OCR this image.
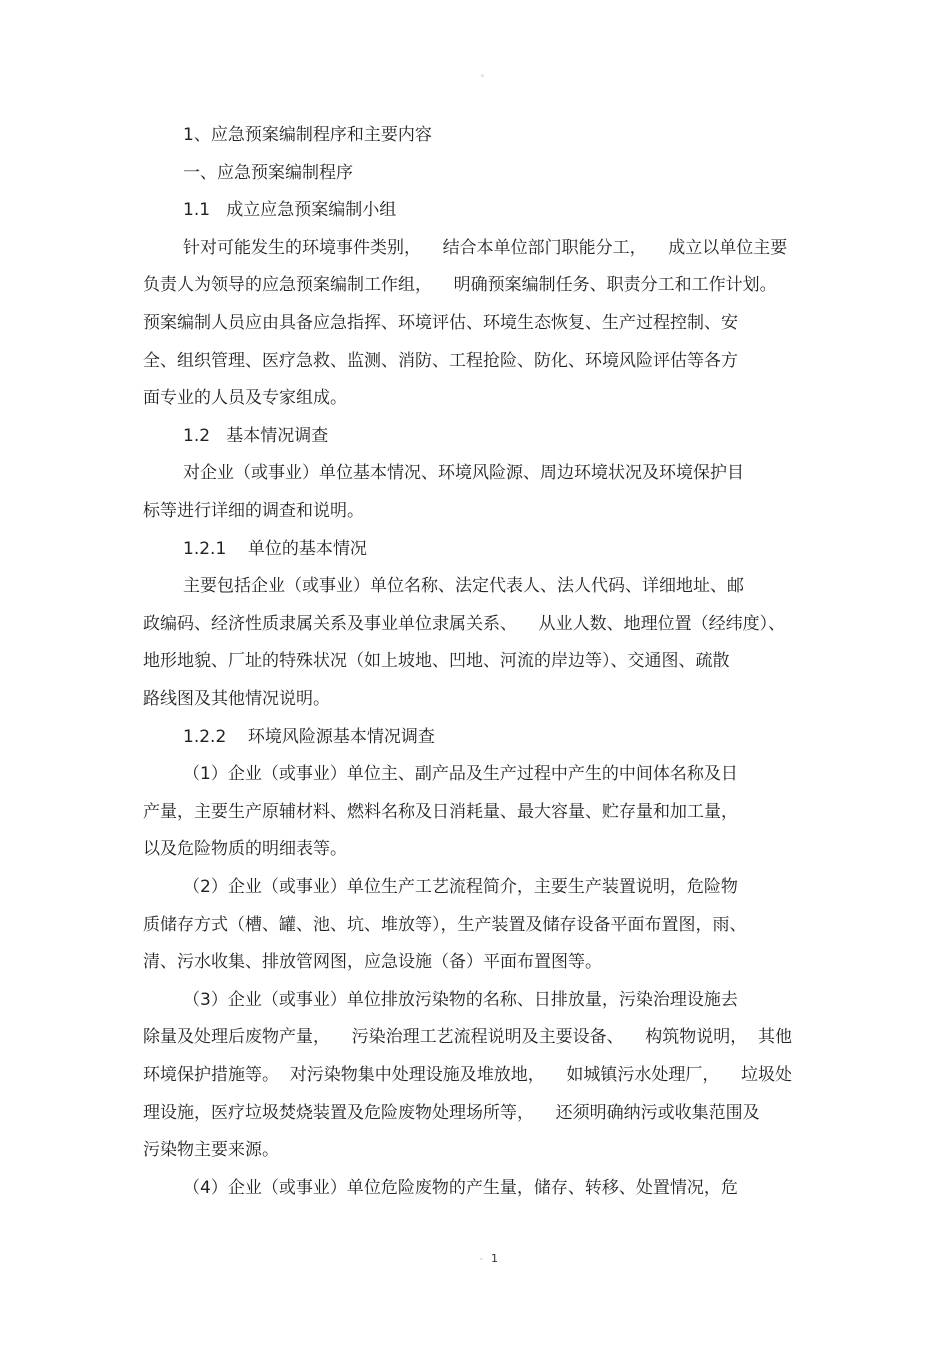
。
1、应急预案编制程序和主要内容
一、应急预案编制程序
1.1   成立应急预案编制小组
针对可能发生的环境事件类别，    结合本单位部门职能分工，    成立以单位主要
负责人为领导的应急预案编制工作组，    明确预案编制任务、职责分工和工作计划。
预案编制人员应由具备应急指挥、环境评估、环境生态恢复、生产过程控制、安
全、组织管理、医疗急救、监测、消防、工程抢险、防化、环境风险评估等各方
面专业的人员及专家组成。
1.2   基本情况调查
对企业（或事业）单位基本情况、环境风险源、周边环境状况及环境保护目
标等进行详细的调查和说明。
1.2.1    单位的基本情况
主要包括企业（或事业）单位名称、法定代表人、法人代码、详细地址、邮
政编码、经济性质隶属关系及事业单位隶属关系、    从业人数、地理位置（经纬度）、
地形地貌、厂址的特殊状况（如上坡地、凹地、河流的岸边等）、交通图、疏散
路线图及其他情况说明。
1.2.2    环境风险源基本情况调查
（1）企业（或事业）单位主、副产品及生产过程中产生的中间体名称及日
产量，主要生产原辅材料、燃料名称及日消耗量、最大容量、贮存量和加工量，
以及危险物质的明细表等。
（2）企业（或事业）单位生产工艺流程简介，主要生产装置说明，危险物
质储存方式（槽、罐、池、坑、堆放等），生产装置及储存设备平面布置图，雨、
清、污水收集、排放管网图，应急设施（备）平面布置图等。
（3）企业（或事业）单位排放污染物的名称、日排放量，污染治理设施去
除量及处理后废物产量，    污染治理工艺流程说明及主要设备、    构筑物说明，  其他
环境保护措施等。  对污染物集中处理设施及堆放地，    如城镇污水处理厂，    垃圾处
理设施，医疗垃圾焚烧装置及危险废物处理场所等，    还须明确纳污或收集范围及
污染物主要来源。
（4）企业（或事业）单位危险废物的产生量，储存、转移、处置情况，危
。 1
